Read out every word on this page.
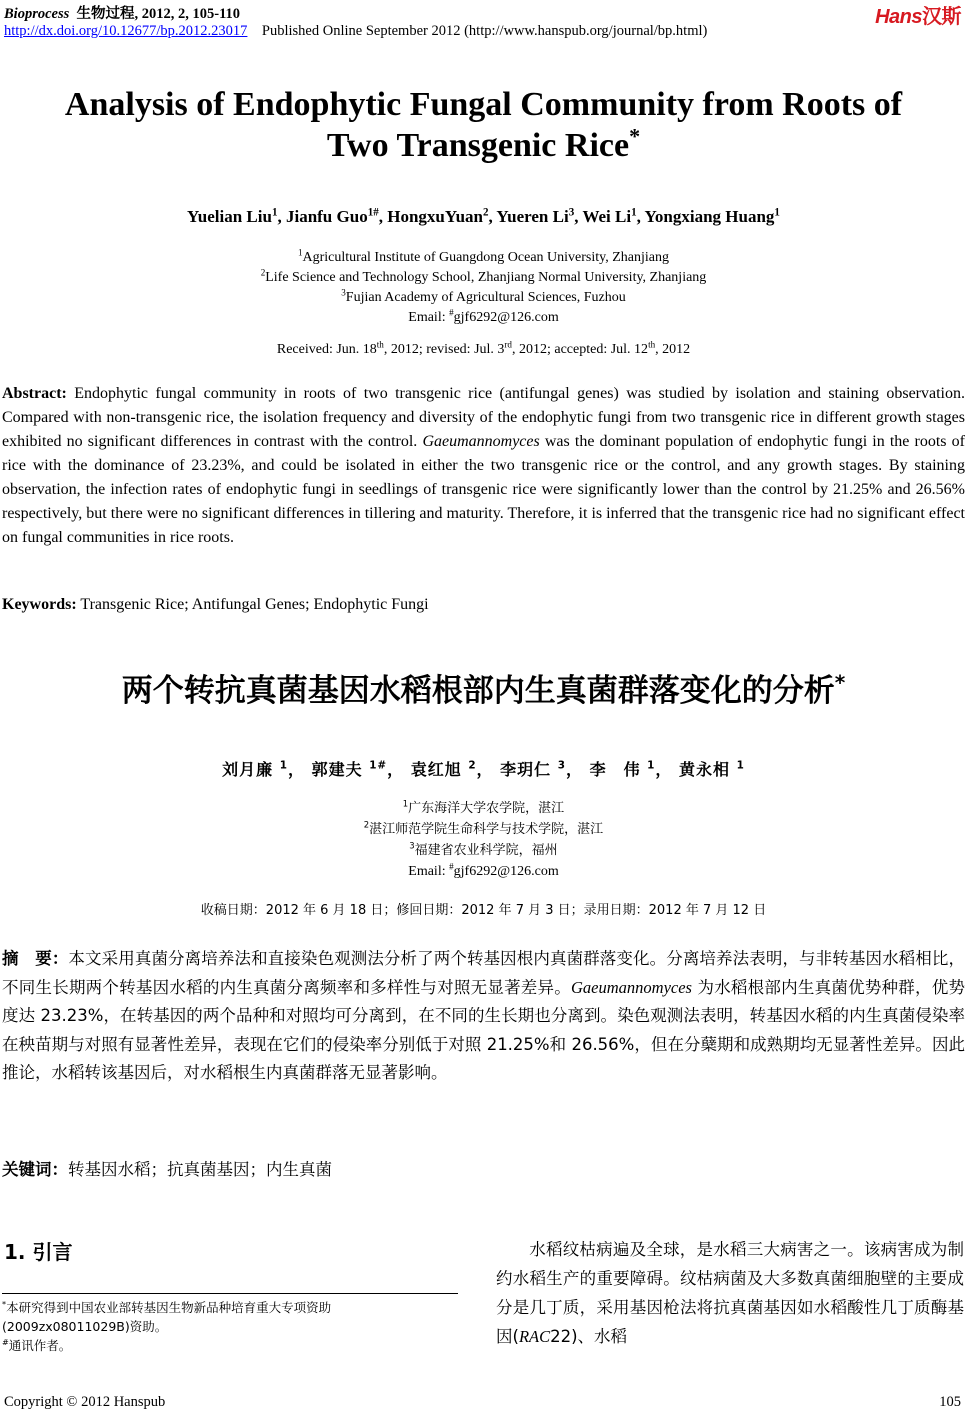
Bioprocess 生物过程, 2012, 2, 105-110
http://dx.doi.org/10.12677/bp.2012.23017 Published Online September 2012 (http://www.hanspub.org/journal/bp.html)
Hans汉斯
Analysis of Endophytic Fungal Community from Roots of
Two Transgenic Rice*
Yuelian Liu$^1$, Jianfu Guo$^{1\#}$, HongxuYuan$^2$, Yueren Li$^3$, Wei Li$^1$, Yongxiang Huang$^1$
$^1$Agricultural Institute of Guangdong Ocean University, Zhanjiang
$^2$Life Science and Technology School, Zhanjiang Normal University, Zhanjiang
$^3$Fujian Academy of Agricultural Sciences, Fuzhou
Email: #gjf6292@126.com
Received: Jun. 18th, 2012; revised: Jul. 3rd, 2012; accepted: Jul. 12th, 2012
Abstract: Endophytic fungal community in roots of two transgenic rice (antifungal genes) was studied by isolation and staining observation. Compared with non-transgenic rice, the isolation frequency and diversity of the endophytic fungi from two transgenic rice in different growth stages exhibited no significant differences in contrast with the control. Gaeumannomyces was the dominant population of endophytic fungi in the roots of rice with the dominance of 23.23%, and could be isolated in either the two transgenic rice or the control, and any growth stages. By staining observation, the infection rates of endophytic fungi in seedlings of transgenic rice were significantly lower than the control by 21.25% and 26.56% respectively, but there were no significant differences in tillering and maturity. Therefore, it is inferred that the transgenic rice had no significant effect on fungal communities in rice roots.
Keywords: Transgenic Rice; Antifungal Genes; Endophytic Fungi
两个转抗真菌基因水稻根部内生真菌群落变化的分析*
刘月廉 $^1$， 郭建夫 $^{1\#}$， 袁红旭 $^2$， 李玥仁 $^3$， 李　伟 $^1$， 黄永相 $^1$
$^1$广东海洋大学农学院，湛江
$^2$湛江师范学院生命科学与技术学院，湛江
$^3$福建省农业科学院，福州
Email: #gjf6292@126.com
收稿日期：2012 年 6 月 18 日；修回日期：2012 年 7 月 3 日；录用日期：2012 年 7 月 12 日
摘　要：本文采用真菌分离培养法和直接染色观测法分析了两个转基因根内真菌群落变化。分离培养法表明，与非转基因水稻相比，不同生长期两个转基因水稻的内生真菌分离频率和多样性与对照无显著差异。Gaeumannomyces 为水稻根部内生真菌优势种群，优势度达 23.23%，在转基因的两个品种和对照均可分离到，在不同的生长期也分离到。染色观测法表明，转基因水稻的内生真菌侵染率在秧苗期与对照有显著性差异，表现在它们的侵染率分别低于对照 21.25%和 26.56%，但在分蘖期和成熟期均无显著性差异。因此推论，水稻转该基因后，对水稻根生内真菌群落无显著影响。
关键词：转基因水稻；抗真菌基因；内生真菌
1. 引言
*本研究得到中国农业部转基因生物新品种培育重大专项资助(2009zx08011029B)资助。
#通讯作者。
  水稻纹枯病遍及全球，是水稻三大病害之一。该病害成为制约水稻生产的重要障碍。纹枯病菌及大多数真菌细胞壁的主要成分是几丁质，采用基因枪法将抗真菌基因如水稻酸性几丁质酶基因(RAC22)、水稻
Copyright © 2012 Hanspub	105
